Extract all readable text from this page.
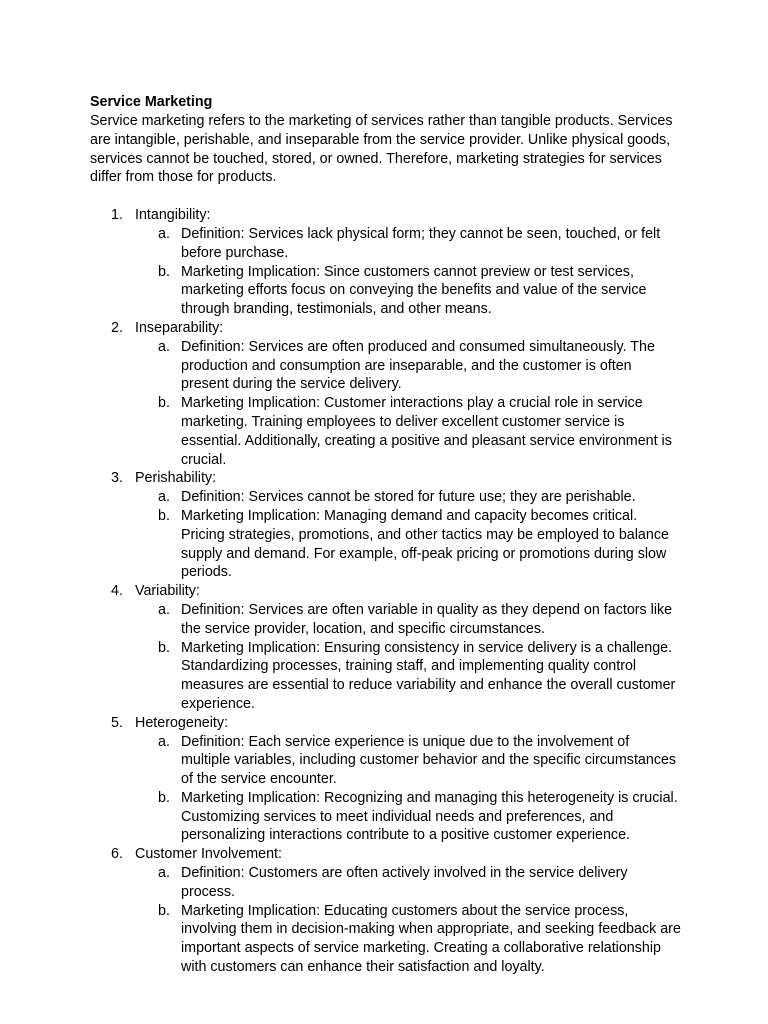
Service Marketing

Service marketing refers to the marketing of services rather than tangible products. Services are intangible, perishable, and inseparable from the service provider. Unlike physical goods, services cannot be touched, stored, or owned. Therefore, marketing strategies for services differ from those for products.

1. Intangibility:
a. Definition: Services lack physical form; they cannot be seen, touched, or felt before purchase.
b. Marketing Implication: Since customers cannot preview or test services, marketing efforts focus on conveying the benefits and value of the service through branding, testimonials, and other means.
2. Inseparability:
a. Definition: Services are often produced and consumed simultaneously. The production and consumption are inseparable, and the customer is often present during the service delivery.
b. Marketing Implication: Customer interactions play a crucial role in service marketing. Training employees to deliver excellent customer service is essential. Additionally, creating a positive and pleasant service environment is crucial.
3. Perishability:
a. Definition: Services cannot be stored for future use; they are perishable.
b. Marketing Implication: Managing demand and capacity becomes critical. Pricing strategies, promotions, and other tactics may be employed to balance supply and demand. For example, off-peak pricing or promotions during slow periods.
4. Variability:
a. Definition: Services are often variable in quality as they depend on factors like the service provider, location, and specific circumstances.
b. Marketing Implication: Ensuring consistency in service delivery is a challenge. Standardizing processes, training staff, and implementing quality control measures are essential to reduce variability and enhance the overall customer experience.
5. Heterogeneity:
a. Definition: Each service experience is unique due to the involvement of multiple variables, including customer behavior and the specific circumstances of the service encounter.
b. Marketing Implication: Recognizing and managing this heterogeneity is crucial. Customizing services to meet individual needs and preferences, and personalizing interactions contribute to a positive customer experience.
6. Customer Involvement:
a. Definition: Customers are often actively involved in the service delivery process.
b. Marketing Implication: Educating customers about the service process, involving them in decision-making when appropriate, and seeking feedback are important aspects of service marketing. Creating a collaborative relationship with customers can enhance their satisfaction and loyalty.
